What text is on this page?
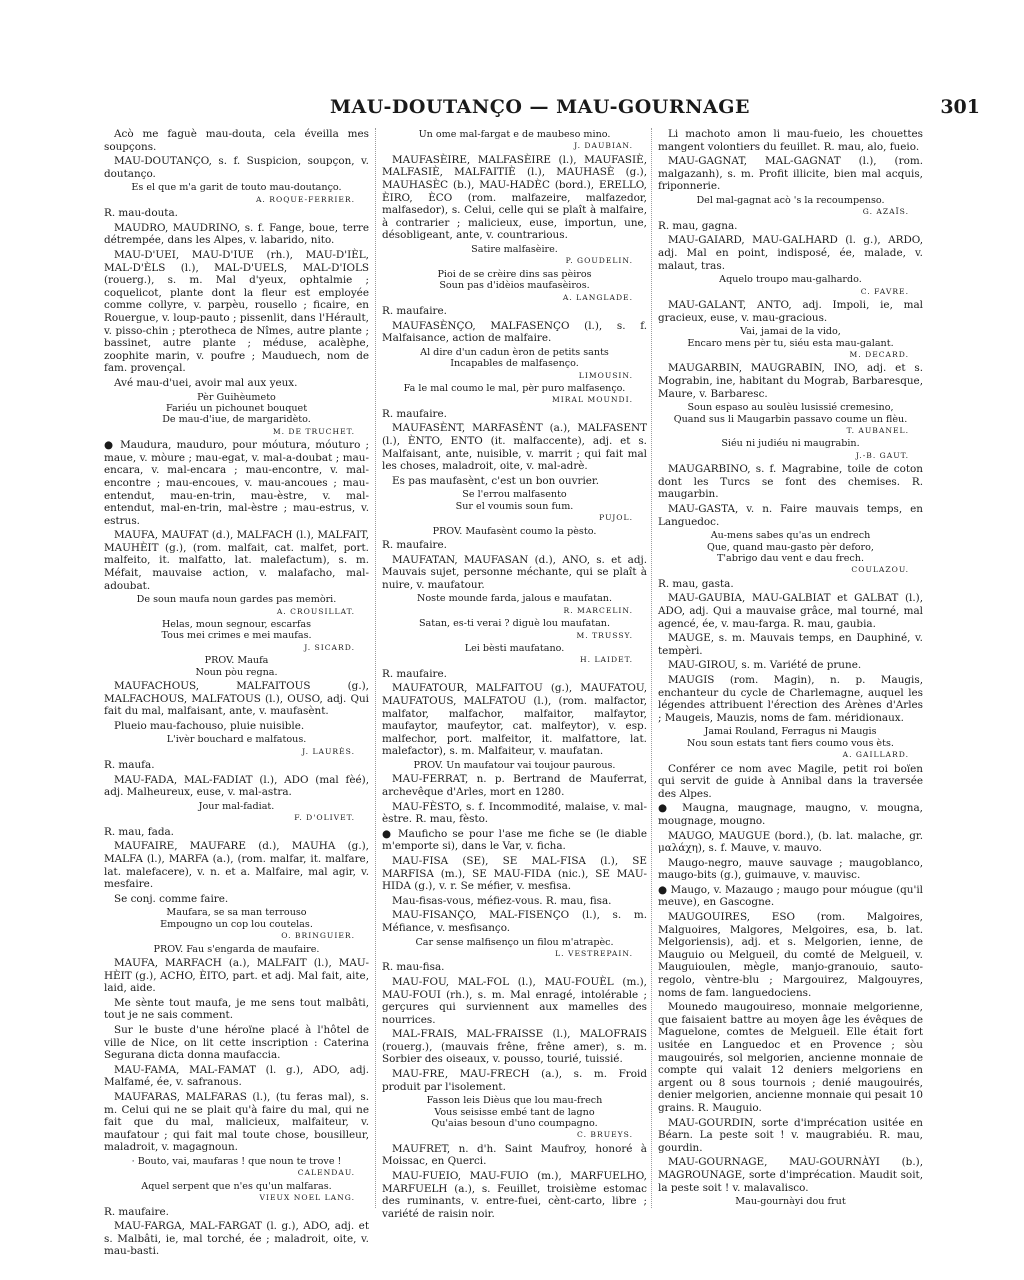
MAU-DOUTANÇO — MAU-GOURNAGE	301

Acò me faguè mau-douta, cela éveilla mes soupçons.

MAU-DOUTANÇO, s. f. Suspicion, soupçon, v. doutanço.

Es el que m'a garit de touto mau-doutanço.
A. ROQUE-FERRIER.

R. mau-douta.

MAUDRO, MAUDRINO, s. f. Fange, boue, terre détrempée, dans les Alpes, v. labarido, nito.

MAU-D'UEI, MAU-D'IUE (rh.), MAU-D'IÈL, MAL-D'ÈLS (l.), MAL-D'UELS, MAL-D'IOLS (rouerg.), s. m. Mal d'yeux, ophtalmie ; coquelicot, plante dont la fleur est employée comme collyre, v. parpèu, rousello ; ficaire, en Rouergue, v. loup-pauto ; pissenlit, dans l'Hérault, v. pisso-chin ; pterotheca de Nîmes, autre plante ; bassinet, autre plante ; méduse, acalèphe, zoophite marin, v. poufre ; Mauduech, nom de fam. provençal.

Avé mau-d'uei, avoir mal aux yeux.

Pèr Guihèumeto
Fariéu un pichounet bouquet
De mau-d'iue, de margaridèto.
M. DE TRUCHET.

● Maudura, mauduro, pour móutura, móuturo ; maue, v. mòure ; mau-egat, v. mal-a-doubat ; mau-encara, v. mal-encara ; mau-encontre, v. mal-encontre ; mau-encoues, v. mau-ancoues ; mau-entendut, mau-en-trin, mau-èstre, v. mal-entendut, mal-en-trin, mal-èstre ; mau-estrus, v. estrus.

MAUFA, MAUFAT (d.), MALFACH (l.), MALFAIT, MAUHÈIT (g.), (rom. malfait, cat. malfet, port. malfeito, it. malfatto, lat. malefactum), s. m. Méfait, mauvaise action, v. malafacho, mal-adoubat.

De soun maufa noun gardes pas memòri.
A. CROUSILLAT.
Helas, moun segnour, escarfas
Tous mei crimes e mei maufas.
J. SICARD.
PROV. Maufa
Noun pòu regna.

MAUFACHOUS, MALFAITOUS (g.), MALFACHOUS, MALFATOUS (l.), OUSO, adj. Qui fait du mal, malfaisant, ante, v. maufasènt.

Plueio mau-fachouso, pluie nuisible.

L'ivèr bouchard e malfatous.
J. LAURÈS.

R. maufa.

MAU-FADA, MAL-FADIAT (l.), ADO (mal fèé), adj. Malheureux, euse, v. mal-astra.

Jour mal-fadiat.
F. D'OLIVET.

R. mau, fada.

MAUFAIRE, MAUFARE (d.), MAUHA (g.), MALFA (l.), MARFA (a.), (rom. malfar, it. malfare, lat. malefacere), v. n. et a. Malfaire, mal agir, v. mesfaire.

Se conj. comme faire.

Maufara, se sa man terrouso
Empougno un cop lou coutelas.
O. BRINGUIER.
PROV. Fau s'engarda de maufaire.

MAUFA, MARFACH (a.), MALFAIT (l.), MAU-HÈIT (g.), ACHO, ÈITO, part. et adj. Mal fait, aite, laid, aide.

Me sènte tout maufa, je me sens tout malbâti, tout je ne sais comment.

Sur le buste d'une héroïne placé à l'hôtel de ville de Nice, on lit cette inscription : Caterina Segurana dicta donna maufaccia.

MAU-FAMA, MAL-FAMAT (l. g.), ADO, adj. Malfamé, ée, v. safranous.

MAUFARAS, MALFARAS (l.), (tu feras mal), s. m. Celui qui ne se plait qu'à faire du mal, qui ne fait que du mal, malicieux, malfaiteur, v. maufatour ; qui fait mal toute chose, bousilleur, maladroit, v. magagnoun.

· Bouto, vai, maufaras ! que noun te trove !
CALENDAU.
Aquel serpent que n'es qu'un malfaras.
VIEUX NOEL LANG.

R. maufaire.

MAU-FARGA, MAL-FARGAT (l. g.), ADO, adj. et s. Malbâti, ie, mal torché, ée ; maladroit, oite, v. mau-basti.

Un ome mal-fargat e de maubeso mino.
J. DAUBIAN.

MAUFASÈIRE, MALFASÈIRE (l.), MAUFASIÈ, MALFASIÈ, MALFAITIÈ (l.), MAUHASÈ (g.), MAUHASÈC (b.), MAU-HADÈC (bord.), ERELLO, ÈIRO, ÈCO (rom. malfazeire, malfazedor, malfasedor), s. Celui, celle qui se plaît à malfaire, à contrarier ; malicieux, euse, importun, une, désobligeant, ante, v. countrarious.

Satire malfasèire.
P. GOUDELIN.
Pioi de se crèire dins sas pèiros
Soun pas d'idèios maufasèiros.
A. LANGLADE.

R. maufaire.

MAUFASÈNÇO, MALFASENÇO (l.), s. f. Malfaisance, action de malfaire.

Al dire d'un cadun èron de petits sants
Incapables de malfasenço.
LIMOUSIN.
Fa le mal coumo le mal, pèr puro malfasenço.
MIRAL MOUNDI.

R. maufaire.

MAUFASÈNT, MARFASÈNT (a.), MALFASENT (l.), ÈNTO, ENTO (it. malfaccente), adj. et s. Malfaisant, ante, nuisible, v. marrit ; qui fait mal les choses, maladroit, oite, v. mal-adrè.

Es pas maufasènt, c'est un bon ouvrier.

Se l'errou malfasento
Sur el voumis soun fum.
PUJOL.
PROV. Maufasènt coumo la pèsto.

R. maufaire.

MAUFATAN, MAUFASAN (d.), ANO, s. et adj. Mauvais sujet, personne méchante, qui se plaît à nuire, v. maufatour.

Noste mounde farda, jalous e maufatan.
R. MARCELIN.
Satan, es-ti verai ? diguè lou maufatan.
M. TRUSSY.
Lei bèsti maufatano.
H. LAIDET.

R. maufaire.

MAUFATOUR, MALFAITOU (g.), MAUFATOU, MAUFATOUS, MALFATOU (l.), (rom. malfactor, malfator, malfachor, malfaitor, malfaytor, maufaytor, maufeytor, cat. malfeytor), v. esp. malfechor, port. malfeitor, it. malfattore, lat. malefactor), s. m. Malfaiteur, v. maufatan.

PROV. Un maufatour vai toujour paurous.

MAU-FERRAT, n. p. Bertrand de Mauferrat, archevêque d'Arles, mort en 1280.

MAU-FÈSTO, s. f. Incommodité, malaise, v. mal-èstre. R. mau, fèsto.

● Mauficho se pour l'ase me fiche se (le diable m'emporte si), dans le Var, v. ficha.

MAU-FISA (SE), SE MAL-FISA (l.), SE MARFISA (m.), SE MAU-FIDA (nic.), SE MAU-HIDA (g.), v. r. Se méfier, v. mesfisa.

Mau-fisas-vous, méfiez-vous. R. mau, fisa.

MAU-FISANÇO, MAL-FISENÇO (l.), s. m. Méfiance, v. mesfisanço.

Car sense malfisenço un filou m'atrapèc.
L. VESTREPAIN.

R. mau-fisa.

MAU-FOU, MAL-FOL (l.), MAU-FOUÈL (m.), MAU-FOUI (rh.), s. m. Mal enragé, intolérable ; gerçures qui surviennent aux mamelles des nourrices.

MAL-FRAIS, MAL-FRAISSE (l.), MALOFRAIS (rouerg.), (mauvais frêne, frêne amer), s. m. Sorbier des oiseaux, v. pousso, tourié, tuissié.

MAU-FRE, MAU-FRECH (a.), s. m. Froid produit par l'isolement.

Fasson leis Dièus que lou mau-frech
Vous seisisse embé tant de lagno
Qu'aias besoun d'uno coumpagno.
C. BRUEYS.

MAUFRET, n. d'h. Saint Maufroy, honoré à Moissac, en Querci.

MAU-FUEIO, MAU-FUIO (m.), MARFUELHO, MARFUELH (a.), s. Feuillet, troisième estomac des ruminants, v. entre-fuei, cènt-carto, libre ; variété de raisin noir.

Li machoto amon li mau-fueio, les chouettes mangent volontiers du feuillet. R. mau, alo, fueio.

MAU-GAGNAT, MAL-GAGNAT (l.), (rom. malgazanh), s. m. Profit illicite, bien mal acquis, friponnerie.

Del mal-gagnat acò 's la recoumpenso.
G. AZAÏS.

R. mau, gagna.

MAU-GAIARD, MAU-GALHARD (l. g.), ARDO, adj. Mal en point, indisposé, ée, malade, v. malaut, tras.

Aquelo troupo mau-galhardo.
C. FAVRE.

MAU-GALANT, ANTO, adj. Impoli, ie, mal gracieux, euse, v. mau-gracious.

Vai, jamai de la vido,
Encaro mens pèr tu, siéu esta mau-galant.
M. DECARD.

MAUGARBIN, MAUGRABIN, INO, adj. et s. Mograbin, ine, habitant du Mograb, Barbaresque, Maure, v. Barbaresc.

Soun espaso au soulèu lusissié cremesino,
Quand sus li Maugarbin passavo coume un flèu.
T. AUBANEL.
Siéu ni judiéu ni maugrabin.
J.-B. GAUT.

MAUGARBINO, s. f. Magrabine, toile de coton dont les Turcs se font des chemises. R. maugarbin.

MAU-GASTA, v. n. Faire mauvais temps, en Languedoc.

Au-mens sabes qu'as un endrech
Que, quand mau-gasto pèr deforo,
T'abrigo dau vent e dau frech.
COULAZOU.

R. mau, gasta.

MAU-GAUBIA, MAU-GALBIAT et GALBAT (l.), ADO, adj. Qui a mauvaise grâce, mal tourné, mal agencé, ée, v. mau-farga. R. mau, gaubia.

MAUGE, s. m. Mauvais temps, en Dauphiné, v. tempèri.

MAU-GIROU, s. m. Variété de prune.

MAUGIS (rom. Magin), n. p. Maugis, enchanteur du cycle de Charlemagne, auquel les légendes attribuent l'érection des Arènes d'Arles ; Maugeis, Mauzis, noms de fam. méridionaux.

Jamai Rouland, Ferragus ni Maugis
Nou soun estats tant fiers coumo vous èts.
A. GAILLARD.

Conférer ce nom avec Magile, petit roi boïen qui servit de guide à Annibal dans la traversée des Alpes.

● Maugna, maugnage, maugno, v. mougna, mougnage, mougno.

MAUGO, MAUGUE (bord.), (b. lat. malache, gr. μαλάχη), s. f. Mauve, v. mauvo.

Maugo-negro, mauve sauvage ; maugoblanco, maugo-bits (g.), guimauve, v. mauvisc.

● Maugo, v. Mazaugo ; maugo pour móugue (qu'il meuve), en Gascogne.

MAUGOUIRES, ESO (rom. Malgoires, Malguoires, Malgores, Melgoires, esa, b. lat. Melgoriensis), adj. et s. Melgorien, ienne, de Mauguio ou Melgueil, du comté de Melgueil, v. Mauguioulen, mègle, manjo-granouio, sauto-regolo, vèntre-blu ; Margouirez, Malgouyres, noms de fam. languedociens.

Mounedo maugouireso, monnaie melgorienne, que faisaient battre au moyen âge les évêques de Maguelone, comtes de Melgueil. Elle était fort usitée en Languedoc et en Provence ; sòu maugouirés, sol melgorien, ancienne monnaie de compte qui valait 12 deniers melgoriens en argent ou 8 sous tournois ; denié maugouirés, denier melgorien, ancienne monnaie qui pesait 10 grains. R. Mauguio.

MAU-GOURDIN, sorte d'imprécation usitée en Béarn. La peste soit ! v. maugrabiéu. R. mau, gourdin.

MAU-GOURNAGE, MAU-GOURNÀYI (b.), MAGROUNAGE, sorte d'imprécation. Maudit soit, la peste soit ! v. malavalisco.

Mau-gournàyi dou frut
